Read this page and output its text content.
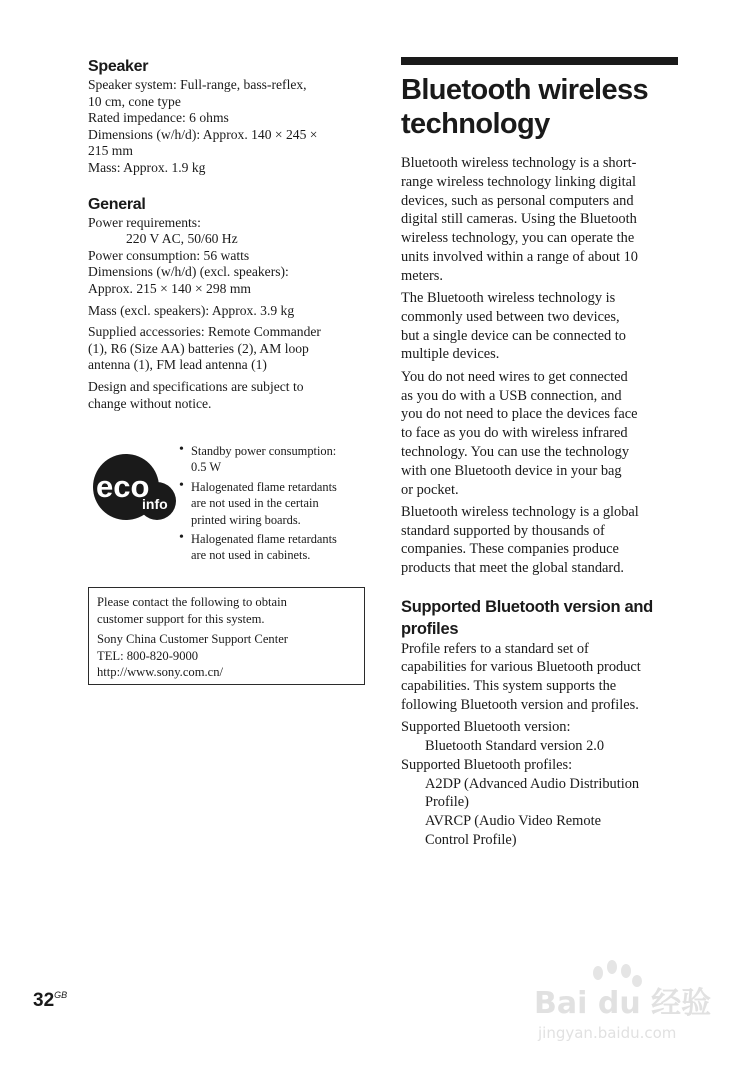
Speaker
Speaker system: Full-range, bass-reflex,
10 cm, cone type
Rated impedance: 6 ohms
Dimensions (w/h/d): Approx. 140 × 245 ×
215 mm
Mass: Approx. 1.9 kg
General
Power requirements:
220 V AC, 50/60 Hz
Power consumption: 56 watts
Dimensions (w/h/d) (excl. speakers):
Approx. 215 × 140 × 298 mm
Mass (excl. speakers): Approx. 3.9 kg
Supplied accessories: Remote Commander
(1), R6 (Size AA) batteries (2), AM loop
antenna (1), FM lead antenna (1)
Design and specifications are subject to
change without notice.
eco
info
• Standby power consumption:
0.5 W
• Halogenated flame retardants
are not used in the certain
printed wiring boards.
• Halogenated flame retardants
are not used in cabinets.
Please contact the following to obtain
customer support for this system.
Sony China Customer Support Center
TEL: 800-820-9000
http://www.sony.com.cn/
Bluetooth wireless
technology
Bluetooth wireless technology is a short-
range wireless technology linking digital
devices, such as personal computers and
digital still cameras. Using the Bluetooth
wireless technology, you can operate the
units involved within a range of about 10
meters.
The Bluetooth wireless technology is
commonly used between two devices,
but a single device can be connected to
multiple devices.
You do not need wires to get connected
as you do with a USB connection, and
you do not need to place the devices face
to face as you do with wireless infrared
technology. You can use the technology
with one Bluetooth device in your bag
or pocket.
Bluetooth wireless technology is a global
standard supported by thousands of
companies. These companies produce
products that meet the global standard.
Supported Bluetooth version and
profiles
Profile refers to a standard set of
capabilities for various Bluetooth product
capabilities. This system supports the
following Bluetooth version and profiles.
Supported Bluetooth version:
Bluetooth Standard version 2.0
Supported Bluetooth profiles:
A2DP (Advanced Audio Distribution
Profile)
AVRCP (Audio Video Remote
Control Profile)
$32^{GB}$	Bai du 经验
jingyan.baidu.com
